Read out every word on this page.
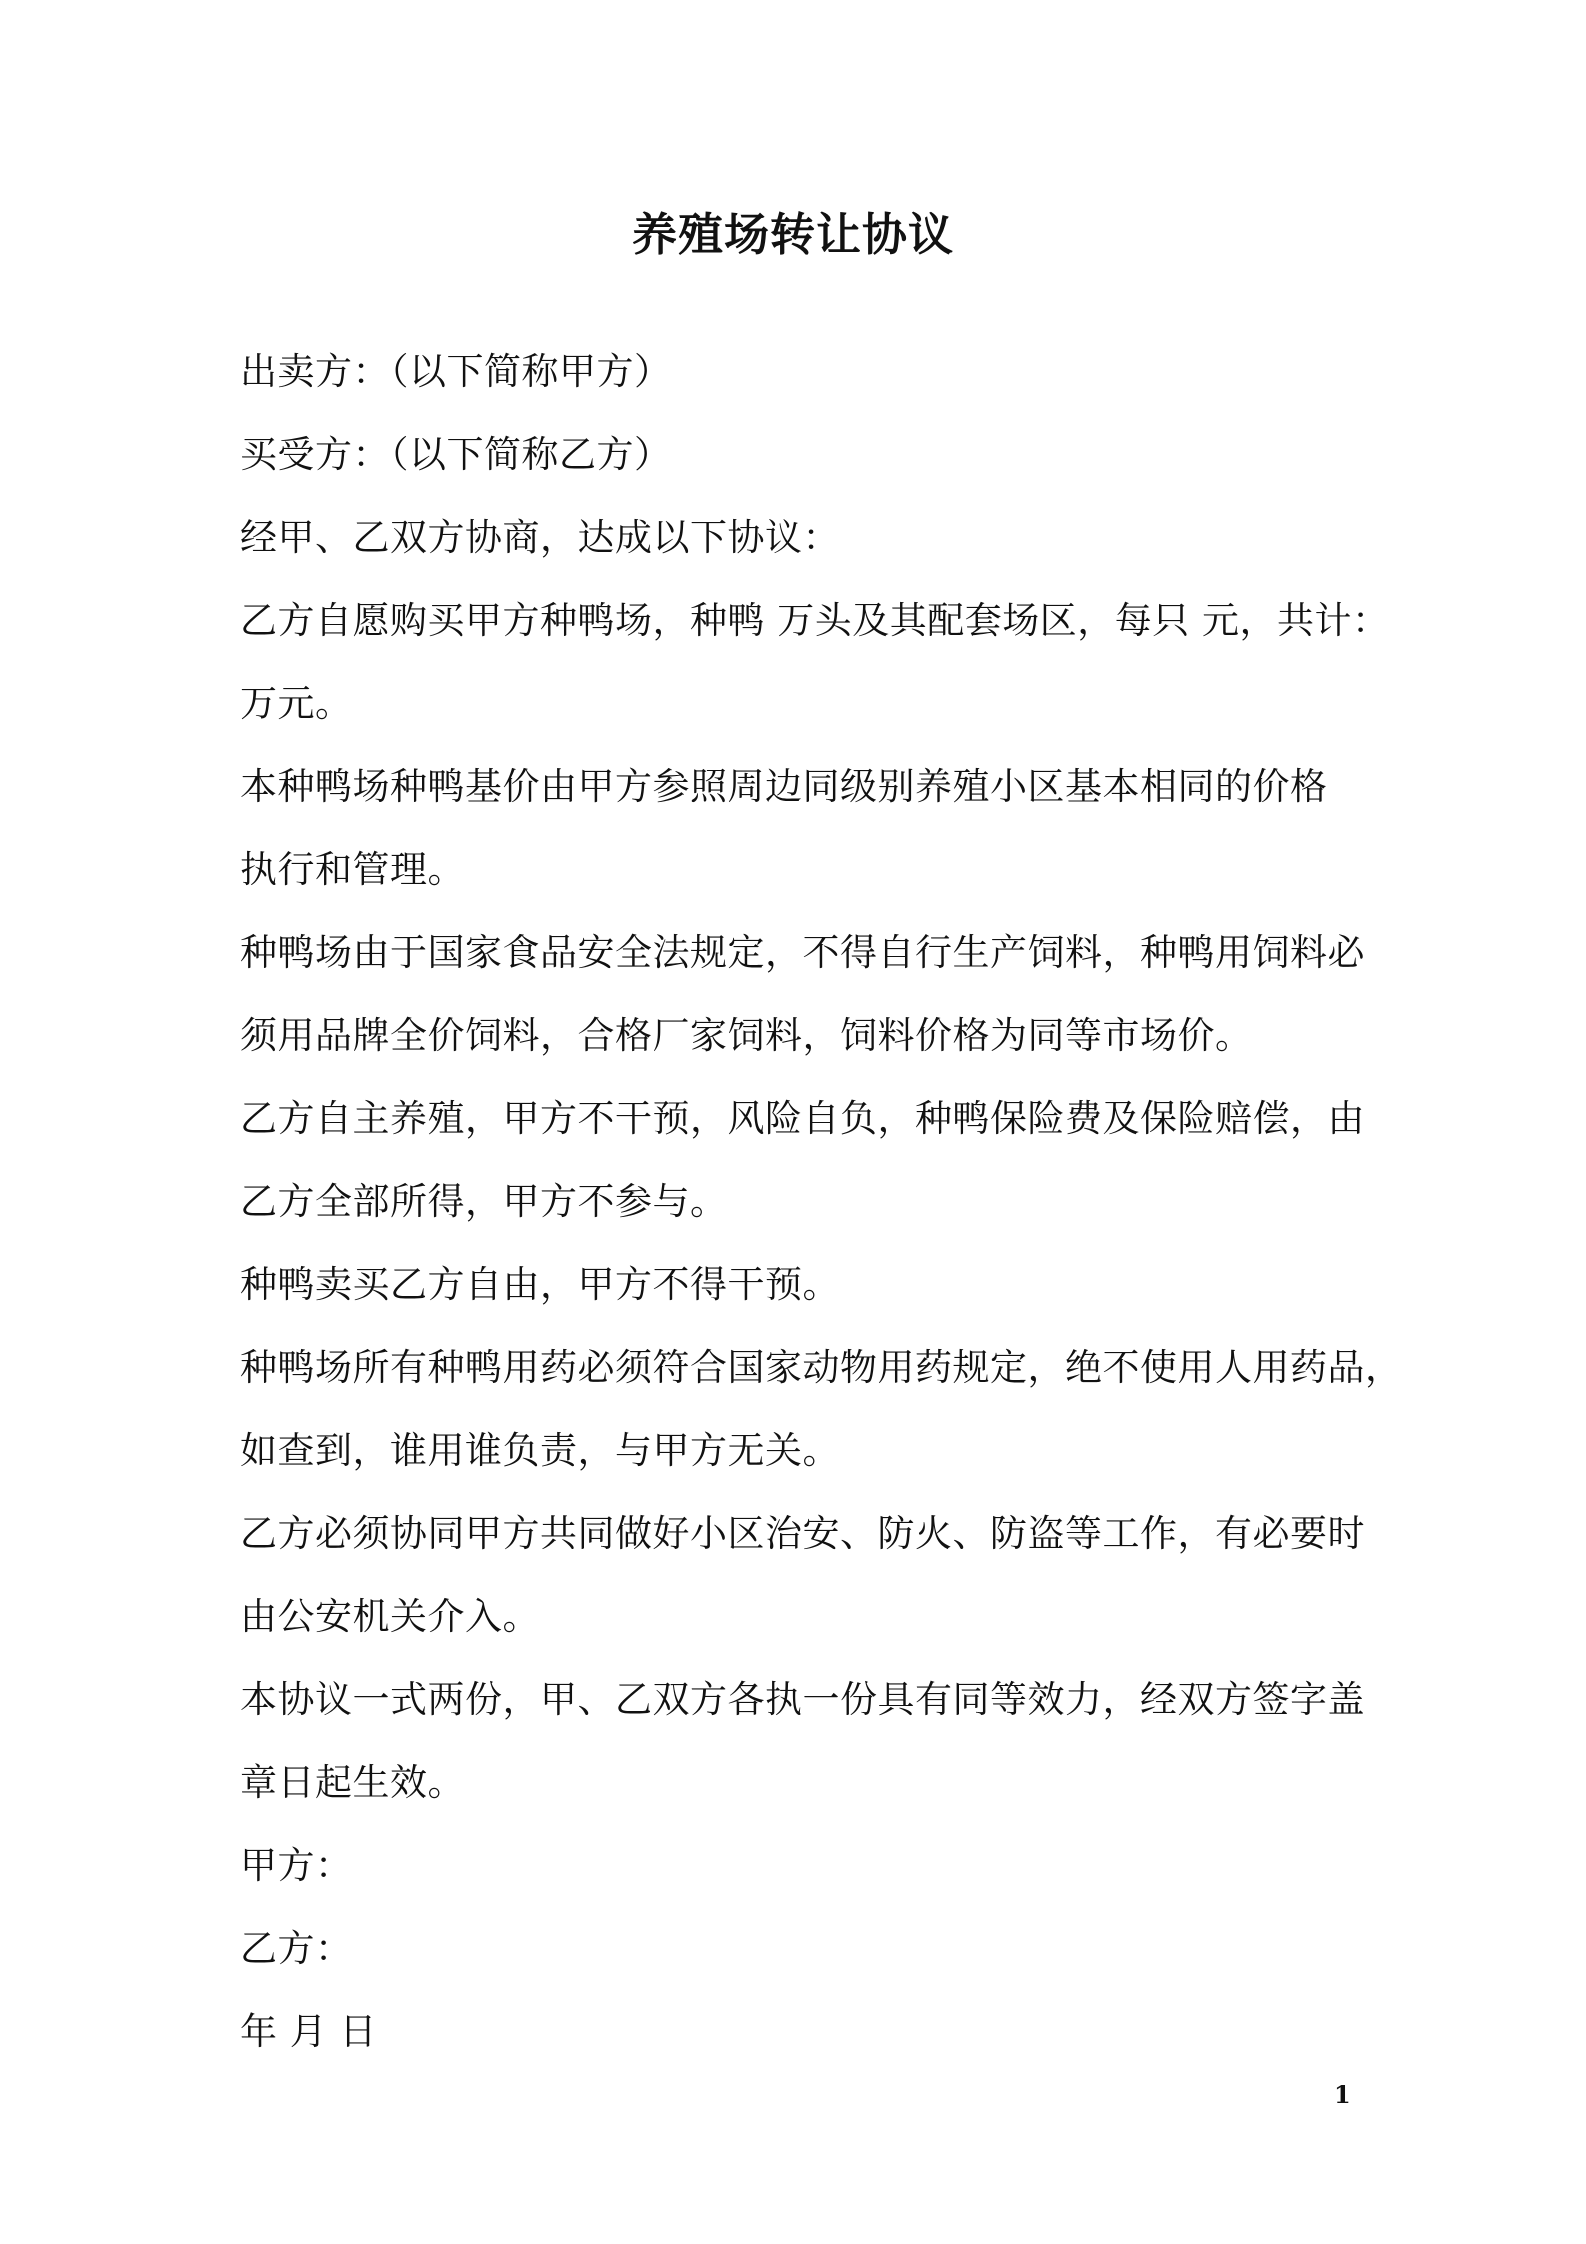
养殖场转让协议
出卖方：（以下简称甲方）
买受方：（以下简称乙方）
经甲、乙双方协商，达成以下协议：
乙方自愿购买甲方种鸭场，种鸭 万头及其配套场区，每只 元，共计：
万元。
本种鸭场种鸭基价由甲方参照周边同级别养殖小区基本相同的价格
执行和管理。
种鸭场由于国家食品安全法规定，不得自行生产饲料，种鸭用饲料必
须用品牌全价饲料，合格厂家饲料，饲料价格为同等市场价。
乙方自主养殖，甲方不干预，风险自负，种鸭保险费及保险赔偿，由
乙方全部所得，甲方不参与。
种鸭卖买乙方自由，甲方不得干预。
种鸭场所有种鸭用药必须符合国家动物用药规定，绝不使用人用药品，
如查到，谁用谁负责，与甲方无关。
乙方必须协同甲方共同做好小区治安、防火、防盗等工作，有必要时
由公安机关介入。
本协议一式两份，甲、乙双方各执一份具有同等效力，经双方签字盖
章日起生效。
甲方：
乙方：
年 月 日
1
